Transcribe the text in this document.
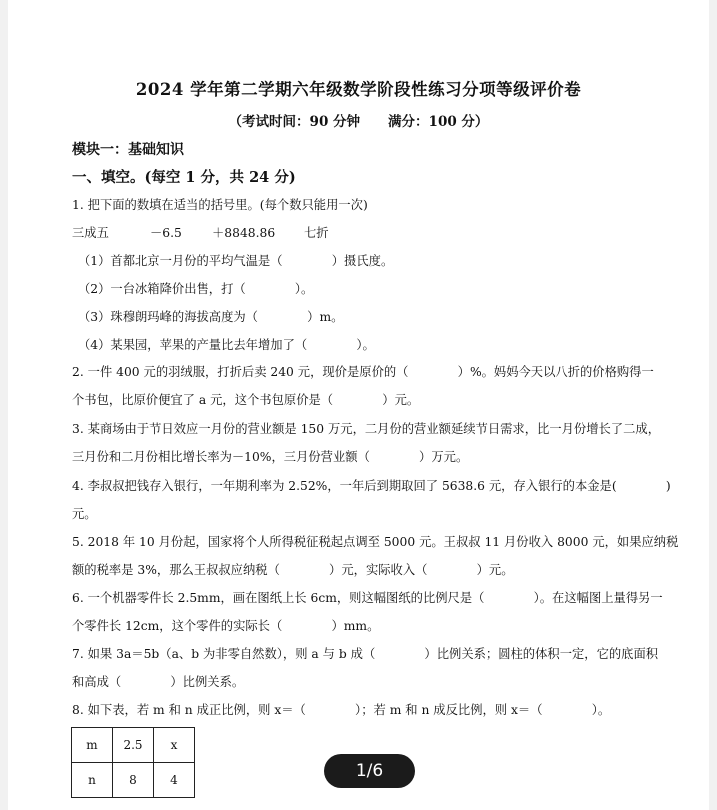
2024 学年第二学期六年级数学阶段性练习分项等级评价卷
（考试时间：90 分钟 满分：100 分）
模块一：基础知识
一、填空。(每空 1 分，共 24 分)
1. 把下面的数填在适当的括号里。(每个数只能用一次)
三成五	－6.5 ＋8848.86 七折
（1）首都北京一月份的平均气温是（　　　　）摄氏度。
（2）一台冰箱降价出售，打（　　　　）。
（3）珠穆朗玛峰的海拔高度为（　　　　）m。
（4）某果园，苹果的产量比去年增加了（　　　　）。
2. 一件 400 元的羽绒服，打折后卖 240 元，现价是原价的（　　　　）%。妈妈今天以八折的价格购得一
个书包，比原价便宜了 a 元，这个书包原价是（　　　　）元。
3. 某商场由于节日效应一月份的营业额是 150 万元，二月份的营业额延续节日需求，比一月份增长了二成，
三月份和二月份相比增长率为－10%，三月份营业额（　　　　）万元。
4. 李叔叔把钱存入银行，一年期利率为 2.52%，一年后到期取回了 5638.6 元，存入银行的本金是(　　　　)
元。
5. 2018 年 10 月份起，国家将个人所得税征税起点调至 5000 元。王叔叔 11 月份收入 8000 元，如果应纳税
额的税率是 3%，那么王叔叔应纳税（　　　　）元，实际收入（　　　　）元。
6. 一个机器零件长 2.5mm，画在图纸上长 6cm，则这幅图纸的比例尺是（　　　　）。在这幅图上量得另一
个零件长 12cm，这个零件的实际长（　　　　）mm。
7. 如果 3a＝5b（a、b 为非零自然数），则 a 与 b 成（　　　　）比例关系；圆柱的体积一定，它的底面积
和高成（　　　　）比例关系。
8. 如下表，若 m 和 n 成正比例，则 x＝（　　　　）；若 m 和 n 成反比例，则 x＝（　　　　）。
m	2.5	x
n	8	4	1/6
